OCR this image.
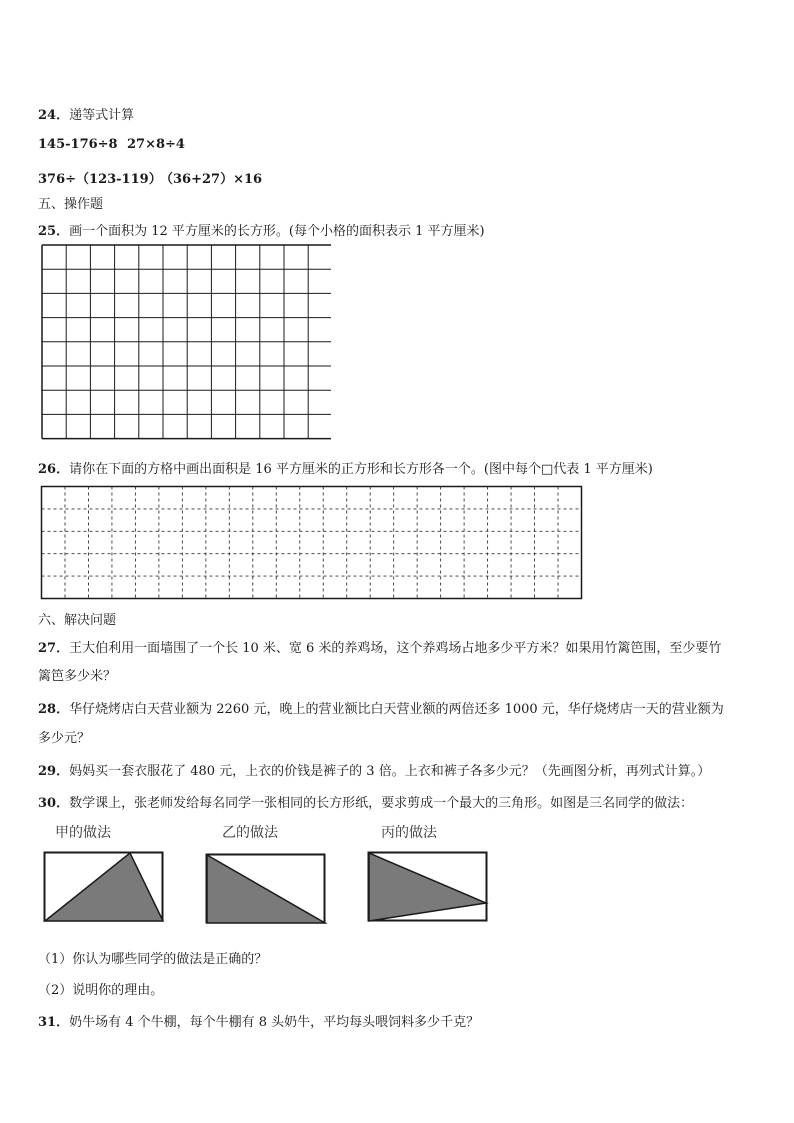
24．递等式计算
145-176÷8 27×8÷4
376÷（123-119）
（36+27）×16
五、操作题
25．画一个面积为 12 平方厘米的长方形。(每个小格的面积表示 1 平方厘米)
26．请你在下面的方格中画出面积是 16 平方厘米的正方形和长方形各一个。(图中每个□代表 1 平方厘米)
六、解决问题
27．王大伯利用一面墙围了一个长 10 米、宽 6 米的养鸡场，这个养鸡场占地多少平方米？如果用竹篱笆围，至少要竹
篱笆多少米？
28．华仔烧烤店白天营业额为 2260 元，晚上的营业额比白天营业额的两倍还多 1000 元，华仔烧烤店一天的营业额为
多少元？
29．妈妈买一套衣服花了 480 元，上衣的价钱是裤子的 3 倍。上衣和裤子各多少元？（先画图分析，再列式计算。）
30．数学课上，张老师发给每名同学一张相同的长方形纸，要求剪成一个最大的三角形。如图是三名同学的做法：
甲的做法	乙的做法	丙的做法
（1）你认为哪些同学的做法是正确的？
（2）说明你的理由。
31．奶牛场有 4 个牛棚，每个牛棚有 8 头奶牛，平均每头喂饲料多少千克？
